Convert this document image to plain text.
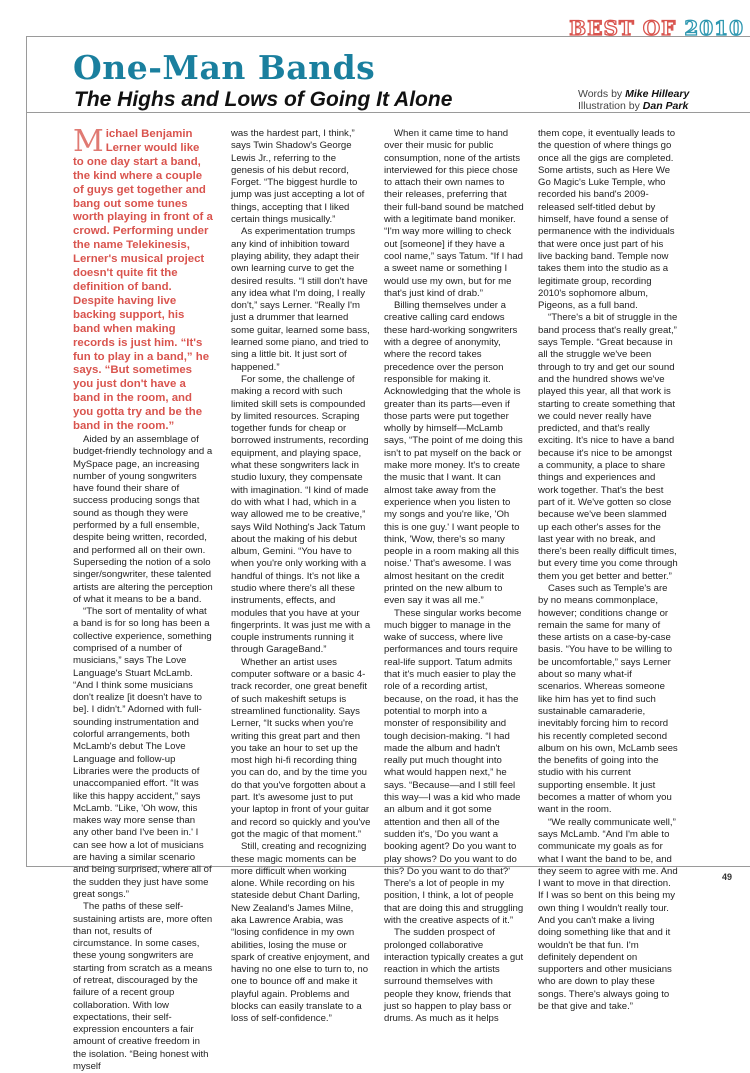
BEST OF 2010
One-Man Bands
The Highs and Lows of Going It Alone	Words by Mike Hilleary
Illustration by Dan Park

Michael Benjamin Lerner would like to one day start a band, the kind where a couple of guys get together and bang out some tunes worth playing in front of a crowd. Performing under the name Telekinesis, Lerner's musical project doesn't quite fit the definition of band. Despite having live backing support, his band when making records is just him. “It's fun to play in a band,” he says. “But sometimes you just don't have a band in the room, and you gotta try and be the band in the room.”

Aided by an assemblage of budget-friendly technology and a MySpace page, an increasing number of young songwriters have found their share of success producing songs that sound as though they were performed by a full ensemble, despite being written, recorded, and performed all on their own. Superseding the notion of a solo singer/songwriter, these talented artists are altering the perception of what it means to be a band.

“The sort of mentality of what a band is for so long has been a collective experience, something comprised of a number of musicians,” says The Love Language's Stuart McLamb. “And I think some musicians don't realize [it doesn't have to be]. I didn't.” Adorned with full-sounding instrumentation and colorful arrangements, both McLamb's debut The Love Language and follow-up Libraries were the products of unaccompanied effort. “It was like this happy accident,” says McLamb. “Like, 'Oh wow, this makes way more sense than any other band I've been in.' I can see how a lot of musicians are having a similar scenario and being surprised, where all of the sudden they just have some great songs.”

The paths of these self-sustaining artists are, more often than not, results of circumstance. In some cases, these young songwriters are starting from scratch as a means of retreat, discouraged by the failure of a recent group collaboration. With low expectations, their self-expression encounters a fair amount of creative freedom in the isolation. “Being honest with myself

was the hardest part, I think,” says Twin Shadow's George Lewis Jr., referring to the genesis of his debut record, Forget. “The biggest hurdle to jump was just accepting a lot of things, accepting that I liked certain things musically.”

As experimentation trumps any kind of inhibition toward playing ability, they adapt their own learning curve to get the desired results. “I still don't have any idea what I'm doing, I really don't,” says Lerner. “Really I'm just a drummer that learned some guitar, learned some bass, learned some piano, and tried to sing a little bit. It just sort of happened.”

For some, the challenge of making a record with such limited skill sets is compounded by limited resources. Scraping together funds for cheap or borrowed instruments, recording equipment, and playing space, what these songwriters lack in studio luxury, they compensate with imagination. “I kind of made do with what I had, which in a way allowed me to be creative,” says Wild Nothing's Jack Tatum about the making of his debut album, Gemini. “You have to when you're only working with a handful of things. It's not like a studio where there's all these instruments, effects, and modules that you have at your fingerprints. It was just me with a couple instruments running it through GarageBand.”

Whether an artist uses computer software or a basic 4-track recorder, one great benefit of such makeshift setups is streamlined functionality. Says Lerner, “It sucks when you're writing this great part and then you take an hour to set up the most high hi-fi recording thing you can do, and by the time you do that you've forgotten about a part. It's awesome just to put your laptop in front of your guitar and record so quickly and you've got the magic of that moment.”

Still, creating and recognizing these magic moments can be more difficult when working alone. While recording on his stateside debut Chant Darling, New Zealand's James Milne, aka Lawrence Arabia, was “losing confidence in my own abilities, losing the muse or spark of creative enjoyment, and having no one else to turn to, no one to bounce off and make it playful again. Problems and blocks can easily translate to a loss of self-confidence.”

When it came time to hand over their music for public consumption, none of the artists interviewed for this piece chose to attach their own names to their releases, preferring that their full-band sound be matched with a legitimate band moniker. “I'm way more willing to check out [someone] if they have a cool name,” says Tatum. “If I had a sweet name or something I would use my own, but for me that's just kind of drab.”

Billing themselves under a creative calling card endows these hard-working songwriters with a degree of anonymity, where the record takes precedence over the person responsible for making it. Acknowledging that the whole is greater than its parts—even if those parts were put together wholly by himself—McLamb says, “The point of me doing this isn't to pat myself on the back or make more money. It's to create the music that I want. It can almost take away from the experience when you listen to my songs and you're like, 'Oh this is one guy.' I want people to think, 'Wow, there's so many people in a room making all this noise.' That's awesome. I was almost hesitant on the credit printed on the new album to even say it was all me.”

These singular works become much bigger to manage in the wake of success, where live performances and tours require real-life support. Tatum admits that it's much easier to play the role of a recording artist, because, on the road, it has the potential to morph into a monster of responsibility and tough decision-making. “I had made the album and hadn't really put much thought into what would happen next,” he says. “Because—and I still feel this way—I was a kid who made an album and it got some attention and then all of the sudden it's, 'Do you want a booking agent? Do you want to play shows? Do you want to do this? Do you want to do that?' There's a lot of people in my position, I think, a lot of people that are doing this and struggling with the creative aspects of it.”

The sudden prospect of prolonged collaborative interaction typically creates a gut reaction in which the artists surround themselves with people they know, friends that just so happen to play bass or drums. As much as it helps

them cope, it eventually leads to the question of where things go once all the gigs are completed. Some artists, such as Here We Go Magic's Luke Temple, who recorded his band's 2009-released self-titled debut by himself, have found a sense of permanence with the individuals that were once just part of his live backing band. Temple now takes them into the studio as a legitimate group, recording 2010's sophomore album, Pigeons, as a full band.

“There's a bit of struggle in the band process that's really great,” says Temple. “Great because in all the struggle we've been through to try and get our sound and the hundred shows we've played this year, all that work is starting to create something that we could never really have predicted, and that's really exciting. It's nice to have a band because it's nice to be amongst a community, a place to share things and experiences and work together. That's the best part of it. We've gotten so close because we've been slammed up each other's asses for the last year with no break, and there's been really difficult times, but every time you come through them you get better and better.”

Cases such as Temple's are by no means commonplace, however; conditions change or remain the same for many of these artists on a case-by-case basis. “You have to be willing to be uncomfortable,” says Lerner about so many what-if scenarios. Whereas someone like him has yet to find such sustainable camaraderie, inevitably forcing him to record his recently completed second album on his own, McLamb sees the benefits of going into the studio with his current supporting ensemble. It just becomes a matter of whom you want in the room.

“We really communicate well,” says McLamb. “And I'm able to communicate my goals as for what I want the band to be, and they seem to agree with me. And I want to move in that direction. If I was so bent on this being my own thing I wouldn't really tour. And you can't make a living doing something like that and it wouldn't be that fun. I'm definitely dependent on supporters and other musicians who are down to play these songs. There's always going to be that give and take.”

49
